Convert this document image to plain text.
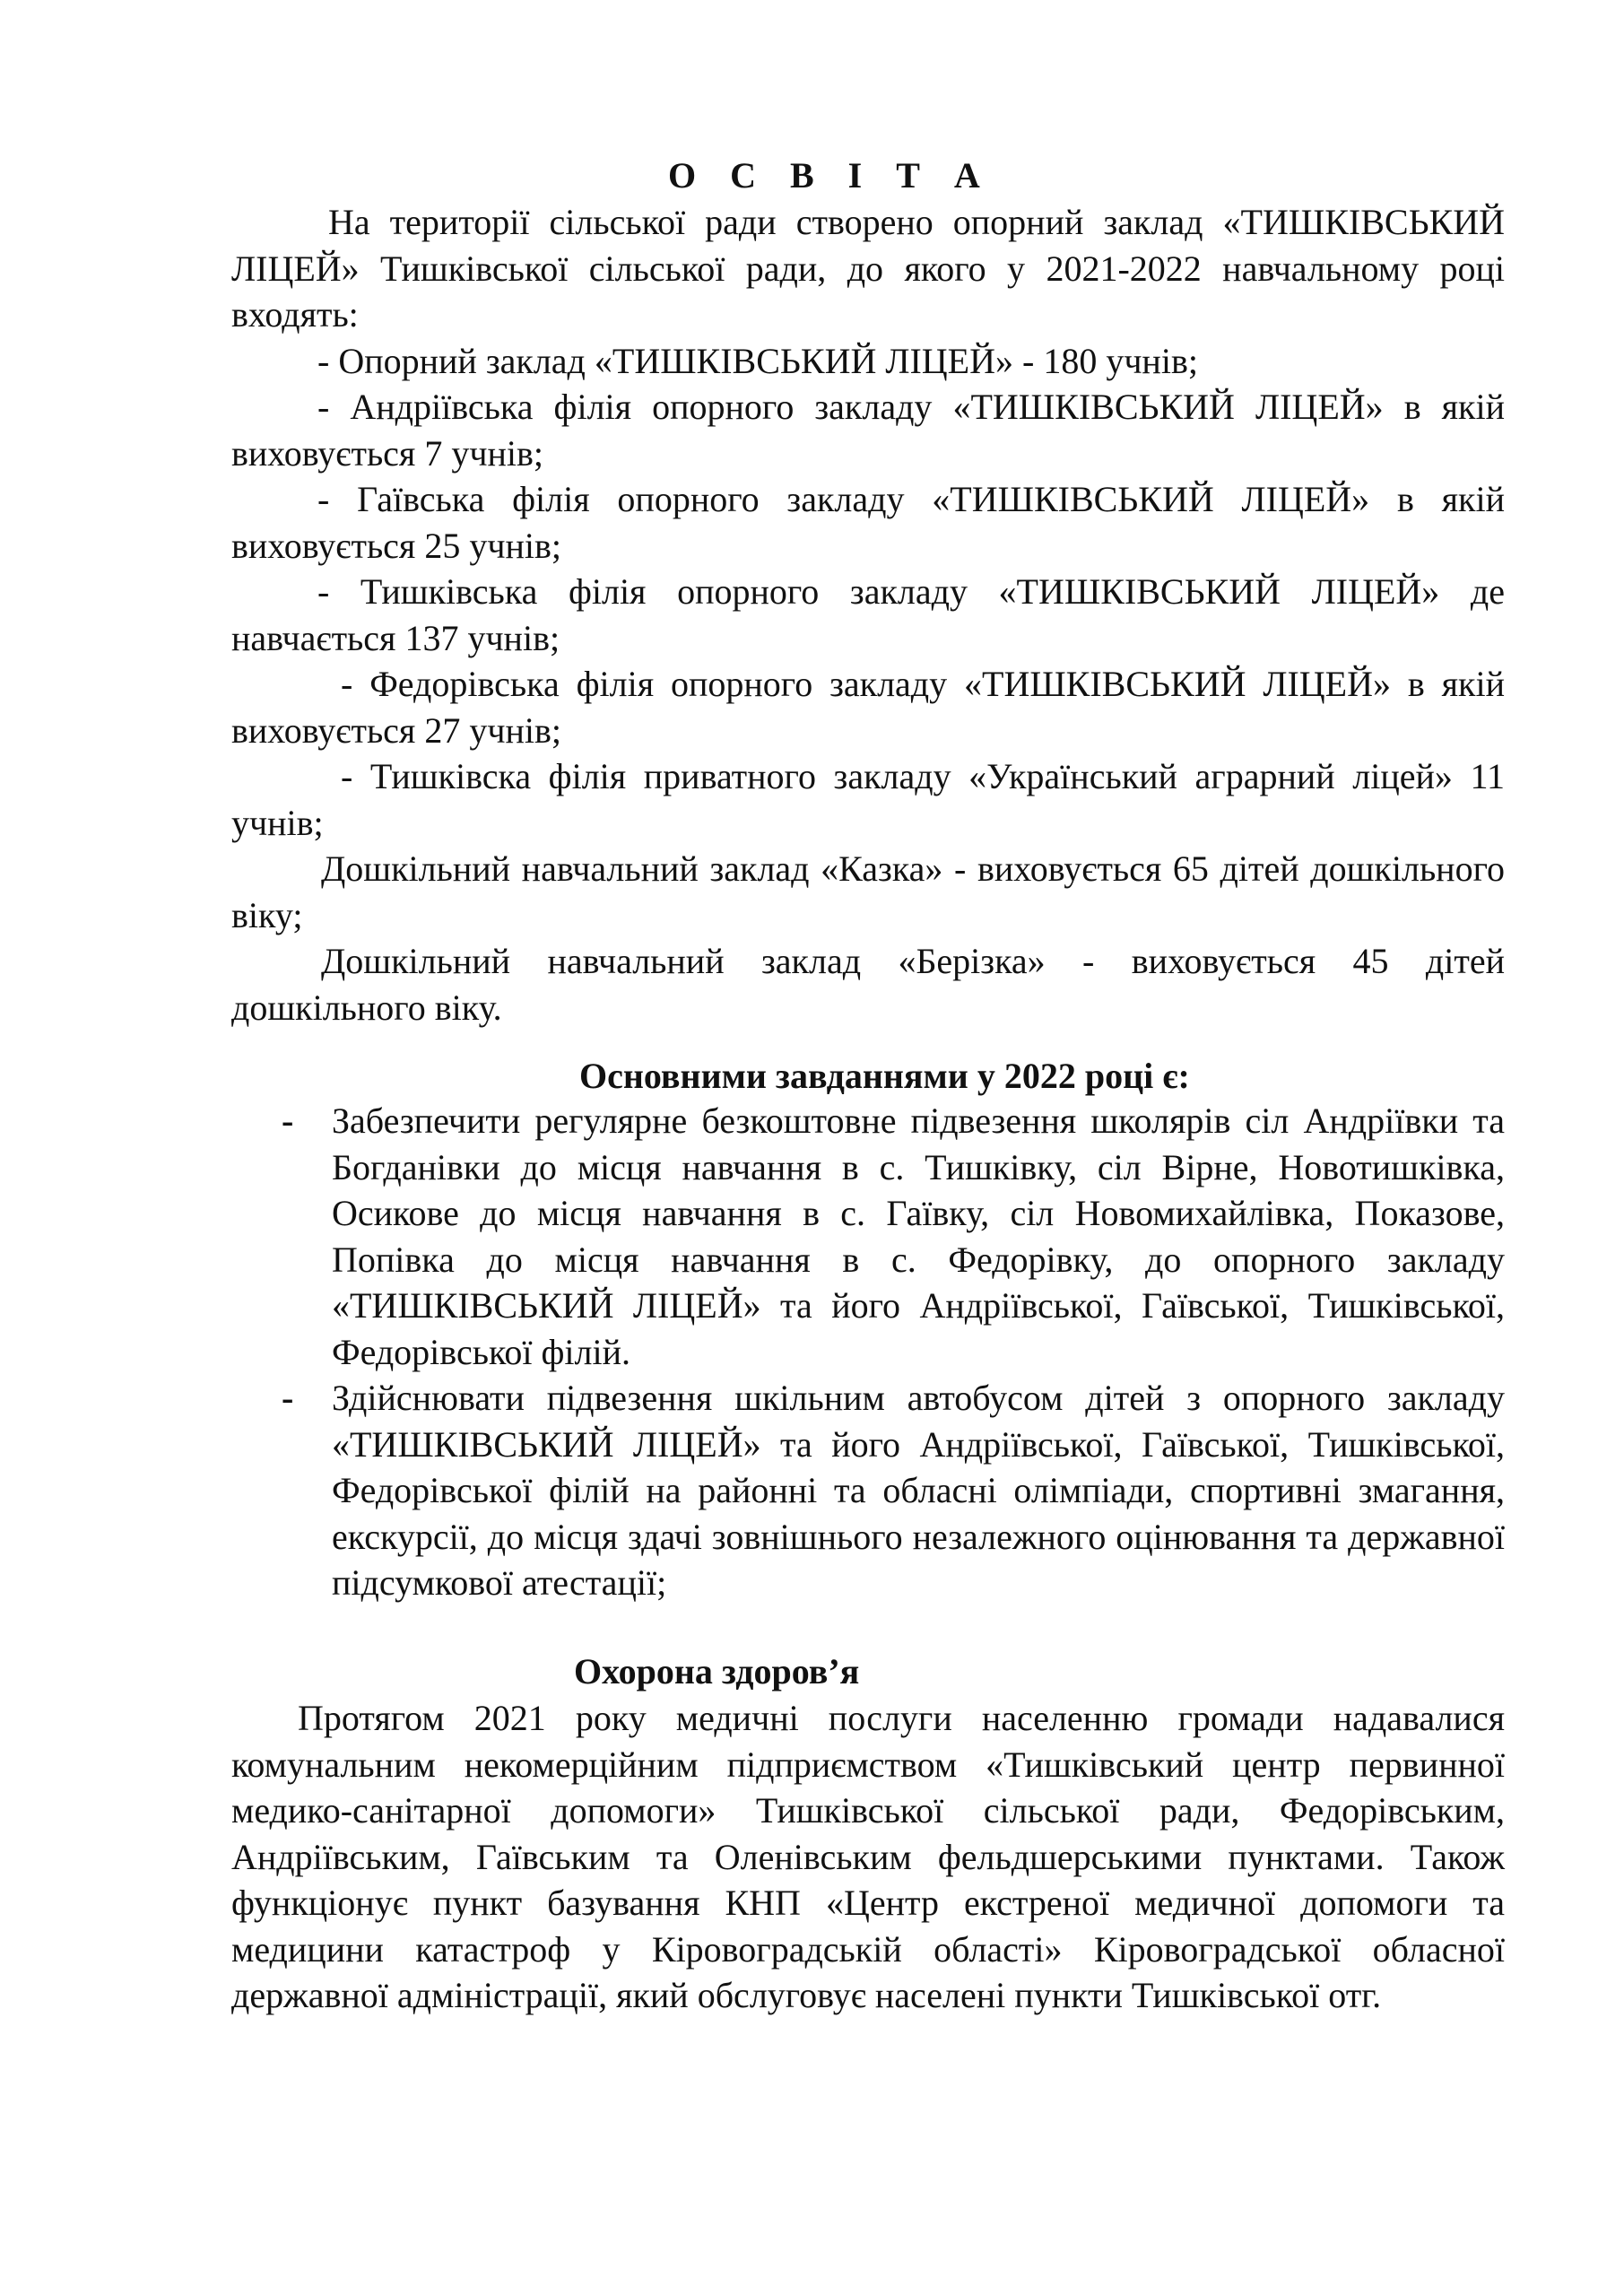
О С В І Т А

На території сільської ради створено опорний заклад «ТИШКІВСЬКИЙ ЛІЦЕЙ» Тишківської сільської ради, до якого у 2021-2022 навчальному році входять:

- Опорний заклад «ТИШКІВСЬКИЙ ЛІЦЕЙ» - 180 учнів;

- Андріївська філія опорного закладу «ТИШКІВСЬКИЙ ЛІЦЕЙ» в якій виховується 7 учнів;

- Гаївська філія опорного закладу «ТИШКІВСЬКИЙ ЛІЦЕЙ» в якій виховується 25 учнів;

- Тишківська філія опорного закладу «ТИШКІВСЬКИЙ ЛІЦЕЙ» де навчається 137 учнів;

- Федорівська філія опорного закладу «ТИШКІВСЬКИЙ ЛІЦЕЙ» в якій виховується 27 учнів;

- Тишківска філія приватного закладу «Український аграрний ліцей» 11 учнів;

Дошкільний навчальний заклад «Казка» - виховується 65 дітей дошкільного віку;

Дошкільний навчальний заклад «Берізка» - виховується 45 дітей дошкільного віку.

Основними завданнями у 2022 році є:
- Забезпечити регулярне безкоштовне підвезення школярів сіл Андріївки та Богданівки до місця навчання в с. Тишківку, сіл Вірне, Новотишківка, Осикове до місця навчання в с. Гаївку, сіл Новомихайлівка, Показове, Попівка до місця навчання в с. Федорівку, до опорного закладу «ТИШКІВСЬКИЙ ЛІЦЕЙ» та його Андріївської, Гаївської, Тишківської, Федорівської філій.
- Здійснювати підвезення шкільним автобусом дітей з опорного закладу «ТИШКІВСЬКИЙ ЛІЦЕЙ» та його Андріївської, Гаївської, Тишківської, Федорівської філій на районні та обласні олімпіади, спортивні змагання, екскурсії, до місця здачі зовнішнього незалежного оцінювання та державної підсумкової атестації;
Охорона здоров’я

Протягом 2021 року медичні послуги населенню громади надавалися комунальним некомерційним підприємством «Тишківський центр первинної медико-санітарної допомоги» Тишківської сільської ради, Федорівським, Андріївським, Гаївським та Оленівським фельдшерськими пунктами. Також функціонує пункт базування КНП «Центр екстреної медичної допомоги та медицини катастроф у Кіровоградській області» Кіровоградської обласної державної адміністрації, який обслуговує населені пункти Тишківської отг.
